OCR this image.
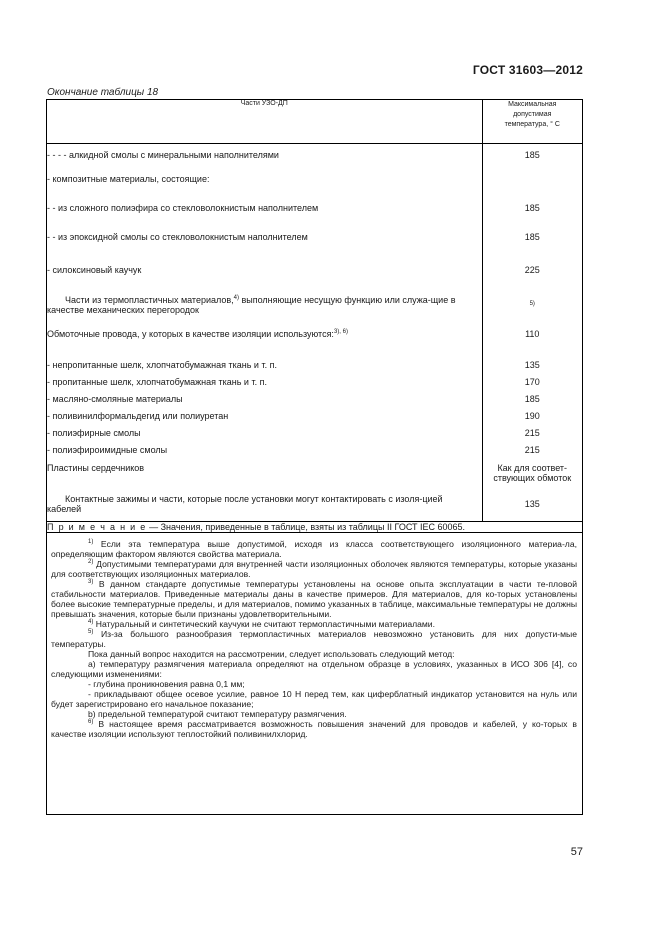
ГОСТ 31603—2012
Окончание таблицы 18
Части УЗО-ДП	Максимальная
допустимая
температура, ° С

- - - - алкидной смолы с минеральными наполнителями	185
- композитные материалы, состоящие:	
- - из сложного полиэфира со стекловолокнистым наполнителем	185
- - из эпоксидной смолы со стекловолокнистым наполнителем	185
- силоксиновый каучук	225

Части из термопластичных материалов,$^{4)}$ выполняющие несущую функцию или служа-щие в качестве механических перегородок	$^{5)}$
Обмоточные провода, у которых в качестве изоляции используются:$^{3), 6)}$	110
- непропитанные шелк, хлопчатобумажная ткань и т. п.	135
- пропитанные шелк, хлопчатобумажная ткань и т. п.	170
- масляно-смоляные материалы	185
- поливинилформальдегид или полиуретан	190
- полиэфирные смолы	215
- полиэфироимидные смолы	215
Пластины сердечников	Как для соответ-
ствующих обмоток

Контактные зажимы и части, которые после установки могут контактировать с изоля-цией кабелей	135
П р и м е ч а н и е — Значения, приведенные в таблице, взяты из таблицы II ГОСТ IEC 60065.	

$^{1)}$ Если эта температура выше допустимой, исходя из класса соответствующего изоляционного материа-ла, определяющим фактором являются свойства материала.

$^{2)}$ Допустимыми температурами для внутренней части изоляционных оболочек являются температуры, которые указаны для соответствующих изоляционных материалов.

$^{3)}$ В данном стандарте допустимые температуры установлены на основе опыта эксплуатации в части те-пловой стабильности материалов. Приведенные материалы даны в качестве примеров. Для материалов, для ко-торых установлены более высокие температурные пределы, и для материалов, помимо указанных в таблице, максимальные температуры не должны превышать значения, которые были признаны удовлетворительными.

$^{4)}$ Натуральный и синтетический каучуки не считают термопластичными материалами.

$^{5)}$ Из-за большого разнообразия термопластичных материалов невозможно установить для них допусти-мые температуры.

Пока данный вопрос находится на рассмотрении, следует использовать следующий метод:

а) температуру размягчения материала определяют на отдельном образце в условиях, указанных в ИСО 306 [4], со следующими изменениями:

- глубина проникновения равна 0,1 мм;

- прикладывают общее осевое усилие, равное 10 Н перед тем, как циферблатный индикатор установится на нуль или будет зарегистрировано его начальное показание;

b) предельной температурой считают температуру размягчения.

$^{6)}$ В настоящее время рассматривается возможность повышения значений для проводов и кабелей, у ко-торых в качестве изоляции используют теплостойкий поливинилхлорид.

57
